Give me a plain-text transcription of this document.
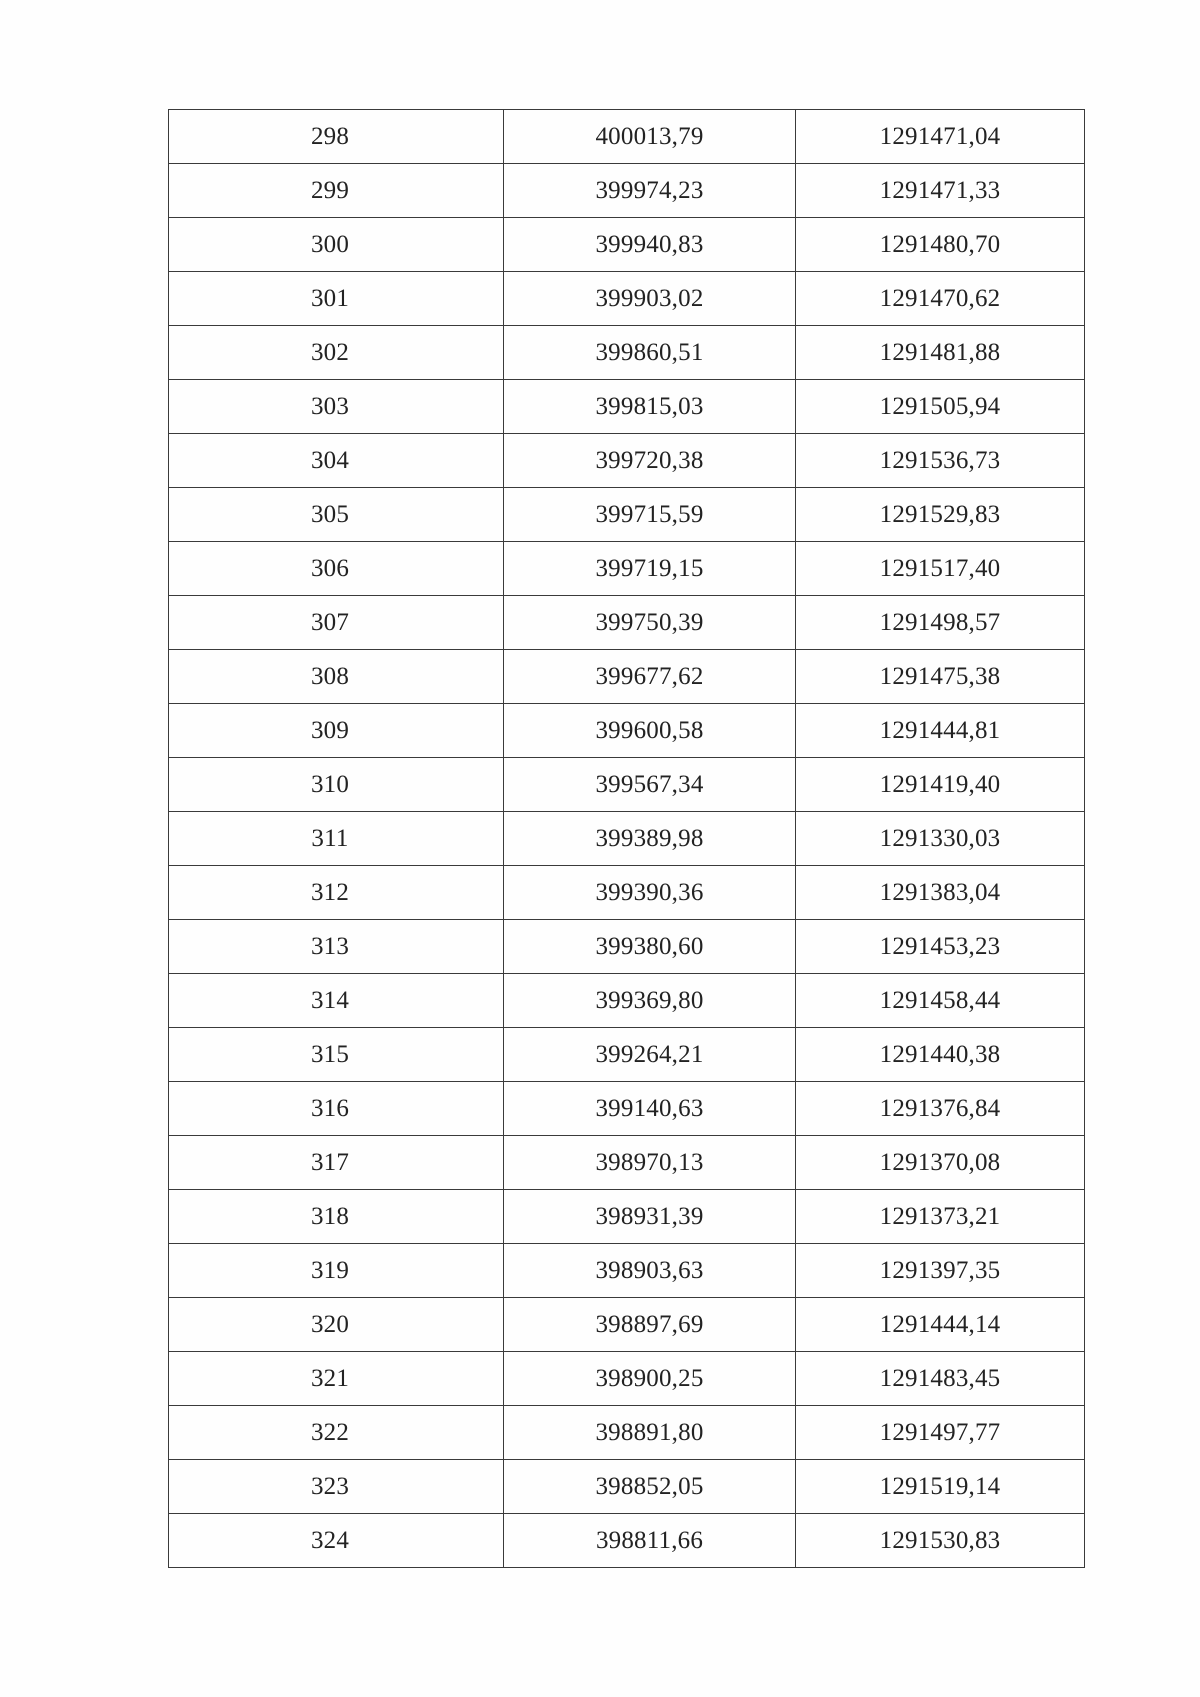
298	400013,79	1291471,04
299	399974,23	1291471,33
300	399940,83	1291480,70
301	399903,02	1291470,62
302	399860,51	1291481,88
303	399815,03	1291505,94
304	399720,38	1291536,73
305	399715,59	1291529,83
306	399719,15	1291517,40
307	399750,39	1291498,57
308	399677,62	1291475,38
309	399600,58	1291444,81
310	399567,34	1291419,40
311	399389,98	1291330,03
312	399390,36	1291383,04
313	399380,60	1291453,23
314	399369,80	1291458,44
315	399264,21	1291440,38
316	399140,63	1291376,84
317	398970,13	1291370,08
318	398931,39	1291373,21
319	398903,63	1291397,35
320	398897,69	1291444,14
321	398900,25	1291483,45
322	398891,80	1291497,77
323	398852,05	1291519,14
324	398811,66	1291530,83
